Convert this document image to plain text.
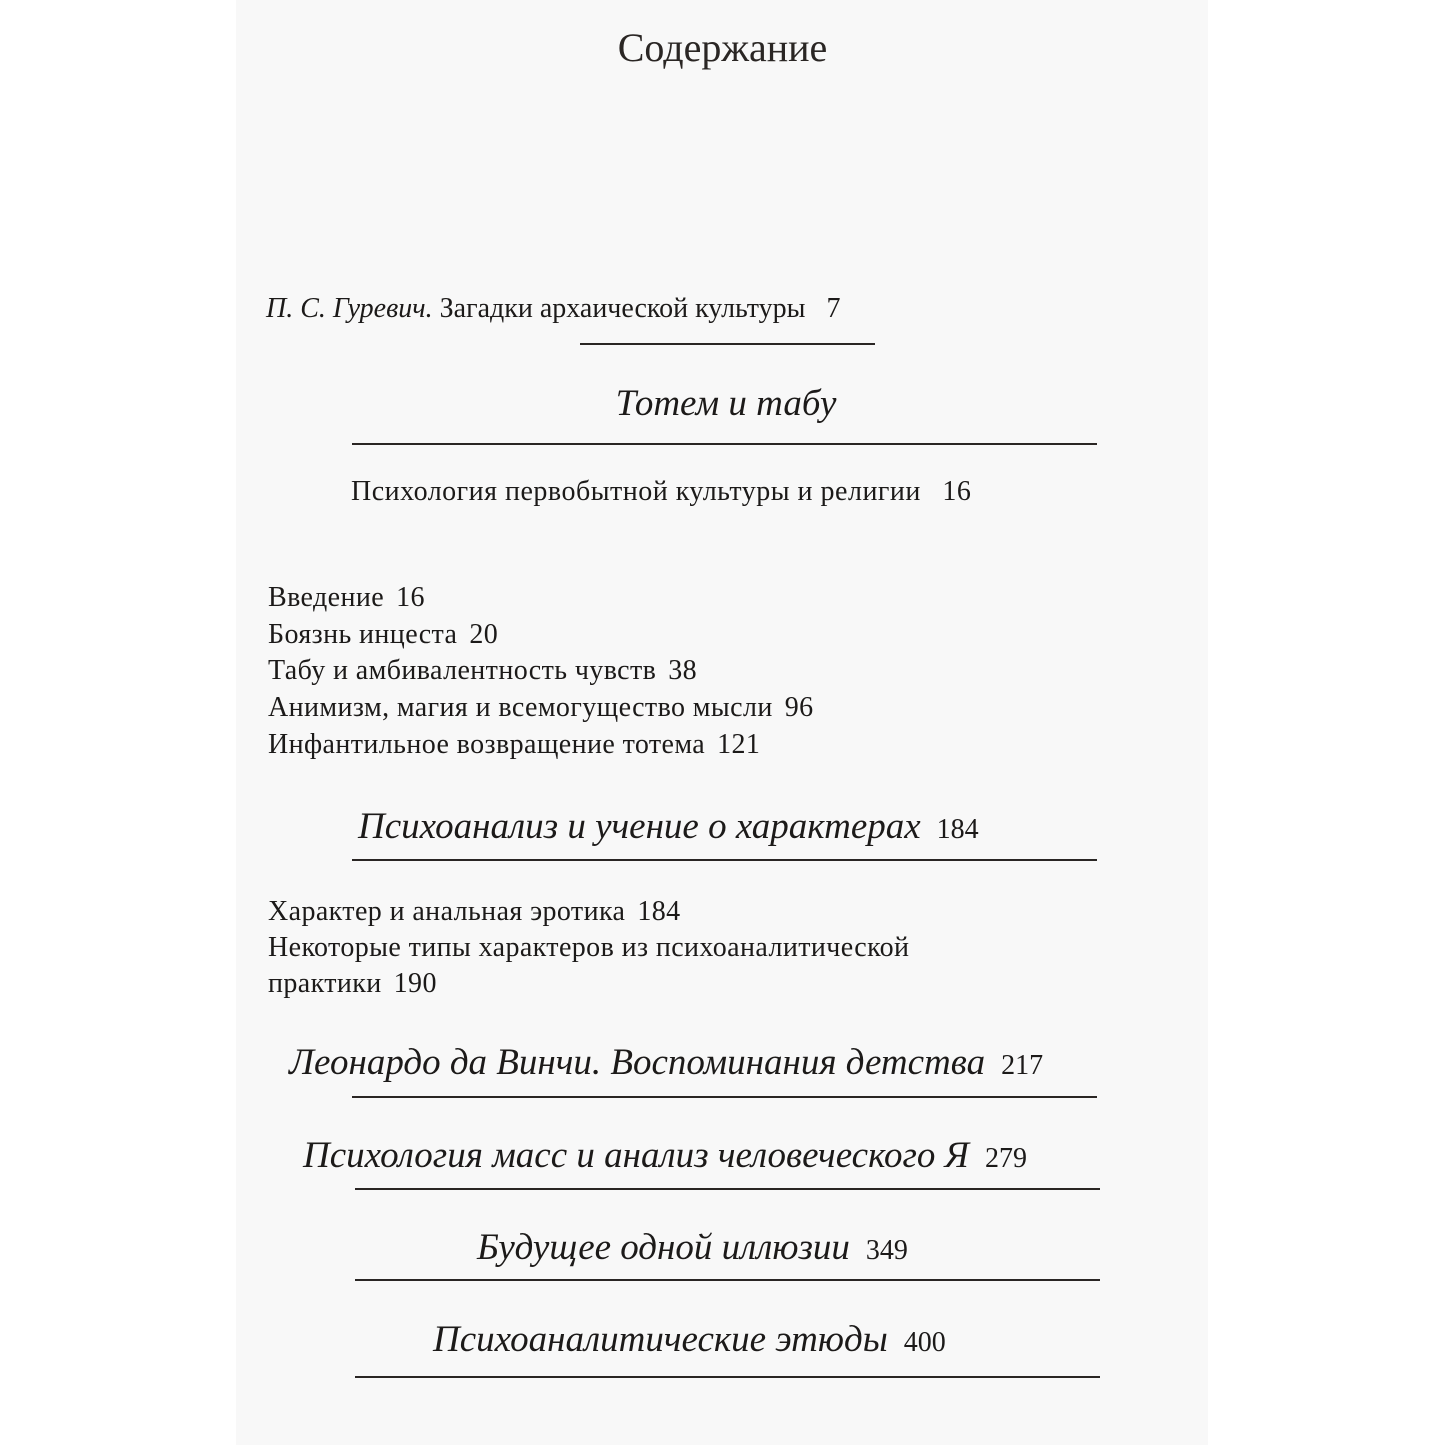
Содержание
П. С. Гуревич. Загадки архаической культуры 7
Тотем и табу
Психология первобытной культуры и религии 16
Введение 16
Боязнь инцеста 20
Табу и амбивалентность чувств 38
Анимизм, магия и всемогущество мысли 96
Инфантильное возвращение тотема 121
Психоанализ и учение о характерах 184
Характер и анальная эротика 184
Некоторые типы характеров из психоаналитической
практики 190
Леонардо да Винчи. Воспоминания детства 217
Психология масс и анализ человеческого Я 279
Будущее одной иллюзии 349
Психоаналитические этюды 400
